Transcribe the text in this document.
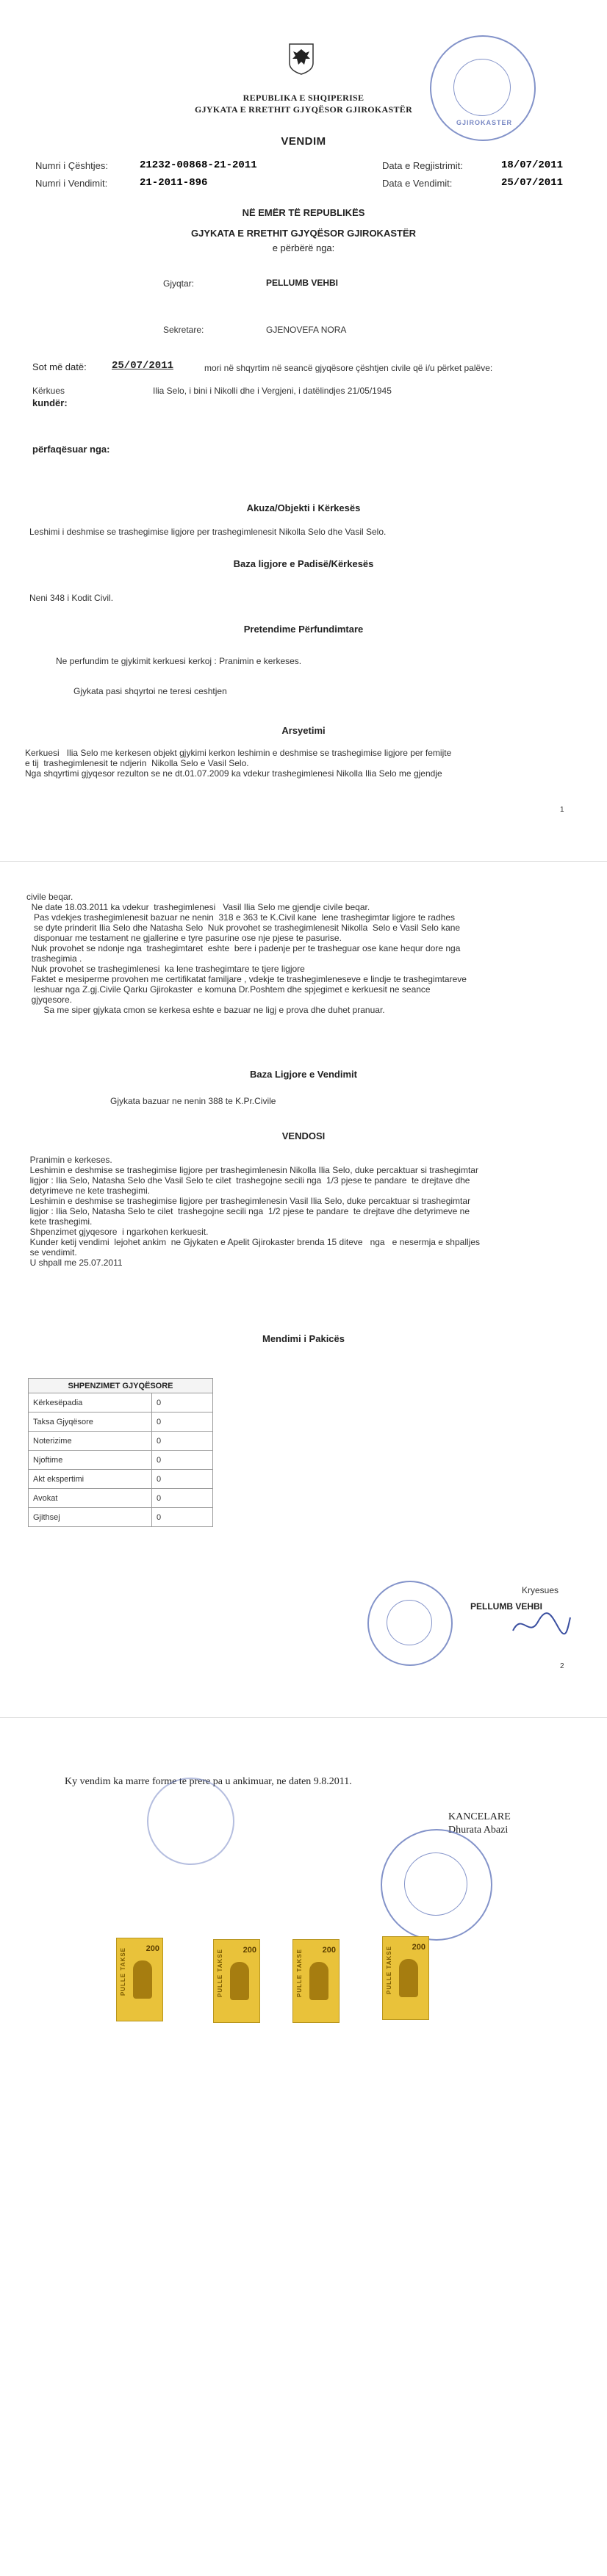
REPUBLIKA E SHQIPERISE
GJYKATA E RRETHIT GJYQËSOR GJIROKASTËR
GJIROKASTER
VENDIM
Numri i Çështjes:	21232-00868-21-2011	Data e Regjistrimit:	18/07/2011
Numri i Vendimit:	21-2011-896	Data e Vendimit:	25/07/2011
NË EMËR TË REPUBLIKËS
GJYKATA E RRETHIT GJYQËSOR GJIROKASTËR
e përbërë nga:
Gjyqtar:	PELLUMB VEHBI
Sekretare:	GJENOVEFA NORA
Sot më datë: 25/07/2011	mori në shqyrtim në seancë gjyqësore çështjen civile që i/u përket palëve:
Kërkues	Ilia Selo, i bini i Nikolli dhe i Vergjeni, i datëlindjes 21/05/1945
kundër:
përfaqësuar nga:
Akuza/Objekti i Kërkesës
Leshimi i deshmise se trashegimise ligjore per trashegimlenesit Nikolla Selo dhe Vasil Selo.
Baza ligjore e Padisë/Kërkesës
Neni 348 i Kodit Civil.
Pretendime Përfundimtare
Ne perfundim te gjykimit kerkuesi kerkoj : Pranimin e kerkeses.
Gjykata pasi shqyrtoi ne teresi ceshtjen
Arsyetimi

Kerkuesi   Ilia Selo me kerkesen objekt gjykimi kerkon leshimin e deshmise se trashegimise ligjore per femijte

e tij  trashegimlenesit te ndjerin  Nikolla Selo e Vasil Selo.

Nga shqyrtimi gjyqesor rezulton se ne dt.01.07.2009 ka vdekur trashegimlenesi Nikolla Ilia Selo me gjendje

1

civile beqar.

Ne date 18.03.2011 ka vdekur  trashegimlenesi   Vasil Ilia Selo me gjendje civile beqar.

Pas vdekjes trashegimlenesit bazuar ne nenin  318 e 363 te K.Civil kane  lene trashegimtar ligjore te radhes

se dyte prinderit Ilia Selo dhe Natasha Selo  Nuk provohet se trashegimlenesit Nikolla  Selo e Vasil Selo kane

disponuar me testament ne gjallerine e tyre pasurine ose nje pjese te pasurise.

Nuk provohet se ndonje nga  trashegimtaret  eshte  bere i padenje per te trasheguar ose kane hequr dore nga

trashegimia .

Nuk provohet se trashegimlenesi  ka lene trashegimtare te tjere ligjore

Faktet e mesiperme provohen me certifikatat familjare , vdekje te trashegimleneseve e lindje te trashegimtareve

leshuar nga Z.gj.Civile Qarku Gjirokaster  e komuna Dr.Poshtem dhe spjegimet e kerkuesit ne seance

gjyqesore.

Sa me siper gjykata cmon se kerkesa eshte e bazuar ne ligj e prova dhe duhet pranuar.

Baza Ligjore e Vendimit
Gjykata bazuar ne nenin 388 te K.Pr.Civile
VENDOSI

Pranimin e kerkeses.

Leshimin e deshmise se trashegimise ligjore per trashegimlenesin Nikolla Ilia Selo, duke percaktuar si trashegimtar

ligjor : Ilia Selo, Natasha Selo dhe Vasil Selo te cilet  trashegojne secili nga  1/3 pjese te pandare  te drejtave dhe

detyrimeve ne kete trashegimi.

Leshimin e deshmise se trashegimise ligjore per trashegimlenesin Vasil Ilia Selo, duke percaktuar si trashegimtar

ligjor : Ilia Selo, Natasha Selo te cilet  trashegojne secili nga  1/2 pjese te pandare  te drejtave dhe detyrimeve ne

kete trashegimi.

Shpenzimet gjyqesore  i ngarkohen kerkuesit.

Kunder ketij vendimi  lejohet ankim  ne Gjykaten e Apelit Gjirokaster brenda 15 diteve   nga   e nesermja e shpalljes

se vendimit.

U shpall me 25.07.2011

Mendimi i Pakicës
SHPENZIMET GJYQËSORE	
Kërkesëpadia	0
Taksa Gjyqësore	0
Noterizime	0
Njoftime	0
Akt ekspertimi	0
Avokat	0
Gjithsej	0
Kryesues
PELLUMB VEHBI
2
Ky vendim ka marre forme te prere pa u ankimuar, ne daten 9.8.2011.
KANCELARE
Dhurata Abazi
PULLE TAKSE 200	PULLE TAKSE 200	PULLE TAKSE 200	PULLE TAKSE 200
